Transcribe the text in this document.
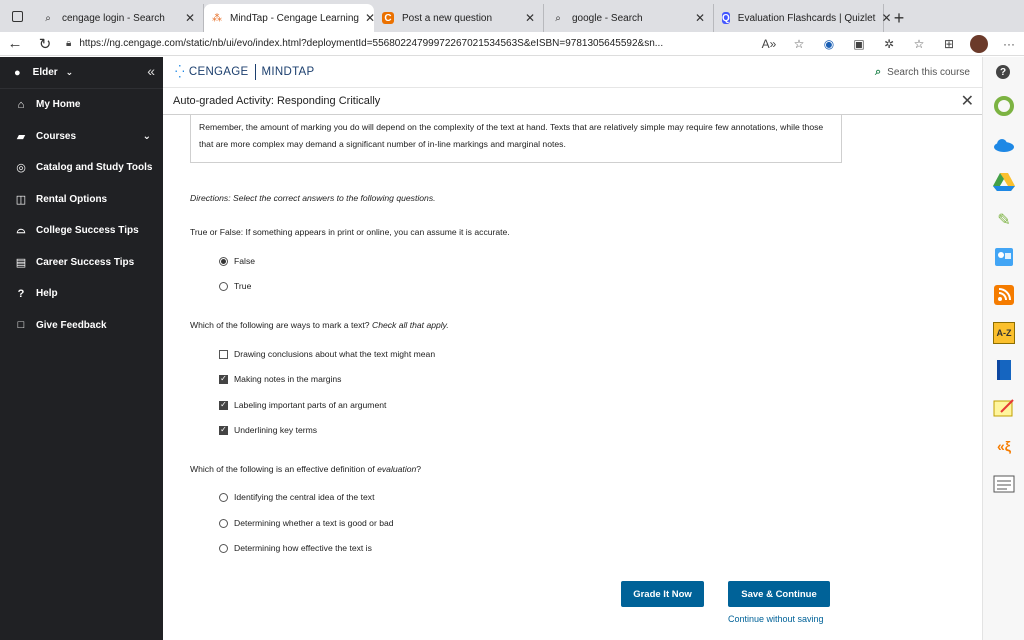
⌕	cengage login - Search	✕ ⁂ MindTap - Cengage Learning ✕ C Post a new question	✕	⌕	google - Search	✕ Q Evaluation Flashcards | Quizlet ✕ +
←	↻	🔒︎ https://ng.cengage.com/static/nb/ui/evo/index.html?deploymentId=55680224799972267021534563S&eISBN=9781305645592&sn...	A»	☆	◉	▣	✲	☆	⊞	···
● Elder ⌄	«
⌂	My Home
▰ Courses	⌄
◎ Catalog and Study Tools
◫ Rental Options
⌓ College Success Tips
▤ Career Success Tips
?	Help
□	Give Feedback
⁛ CENGAGE MINDTAP	⌕ Search this course
Auto-graded Activity: Responding Critically	✕
Remember, the amount of marking you do will depend on the complexity of the text at hand. Texts that are relatively simple may require few annotations, while those that are more complex may demand a significant number of in-line markings and marginal notes.
Directions: Select the correct answers to the following questions.
True or False: If something appears in print or online, you can assume it is accurate.
False
True
Which of the following are ways to mark a text? Check all that apply.
Drawing conclusions about what the text might mean
✓ Making notes in the margins
✓ Labeling important parts of an argument
✓ Underlining key terms
Which of the following is an effective definition of evaluation?
Identifying the central idea of the text
Determining whether a text is good or bad
Determining how effective the text is
Grade It Now	Save & Continue
Continue without saving
?
✎
A-Z
«ξ
